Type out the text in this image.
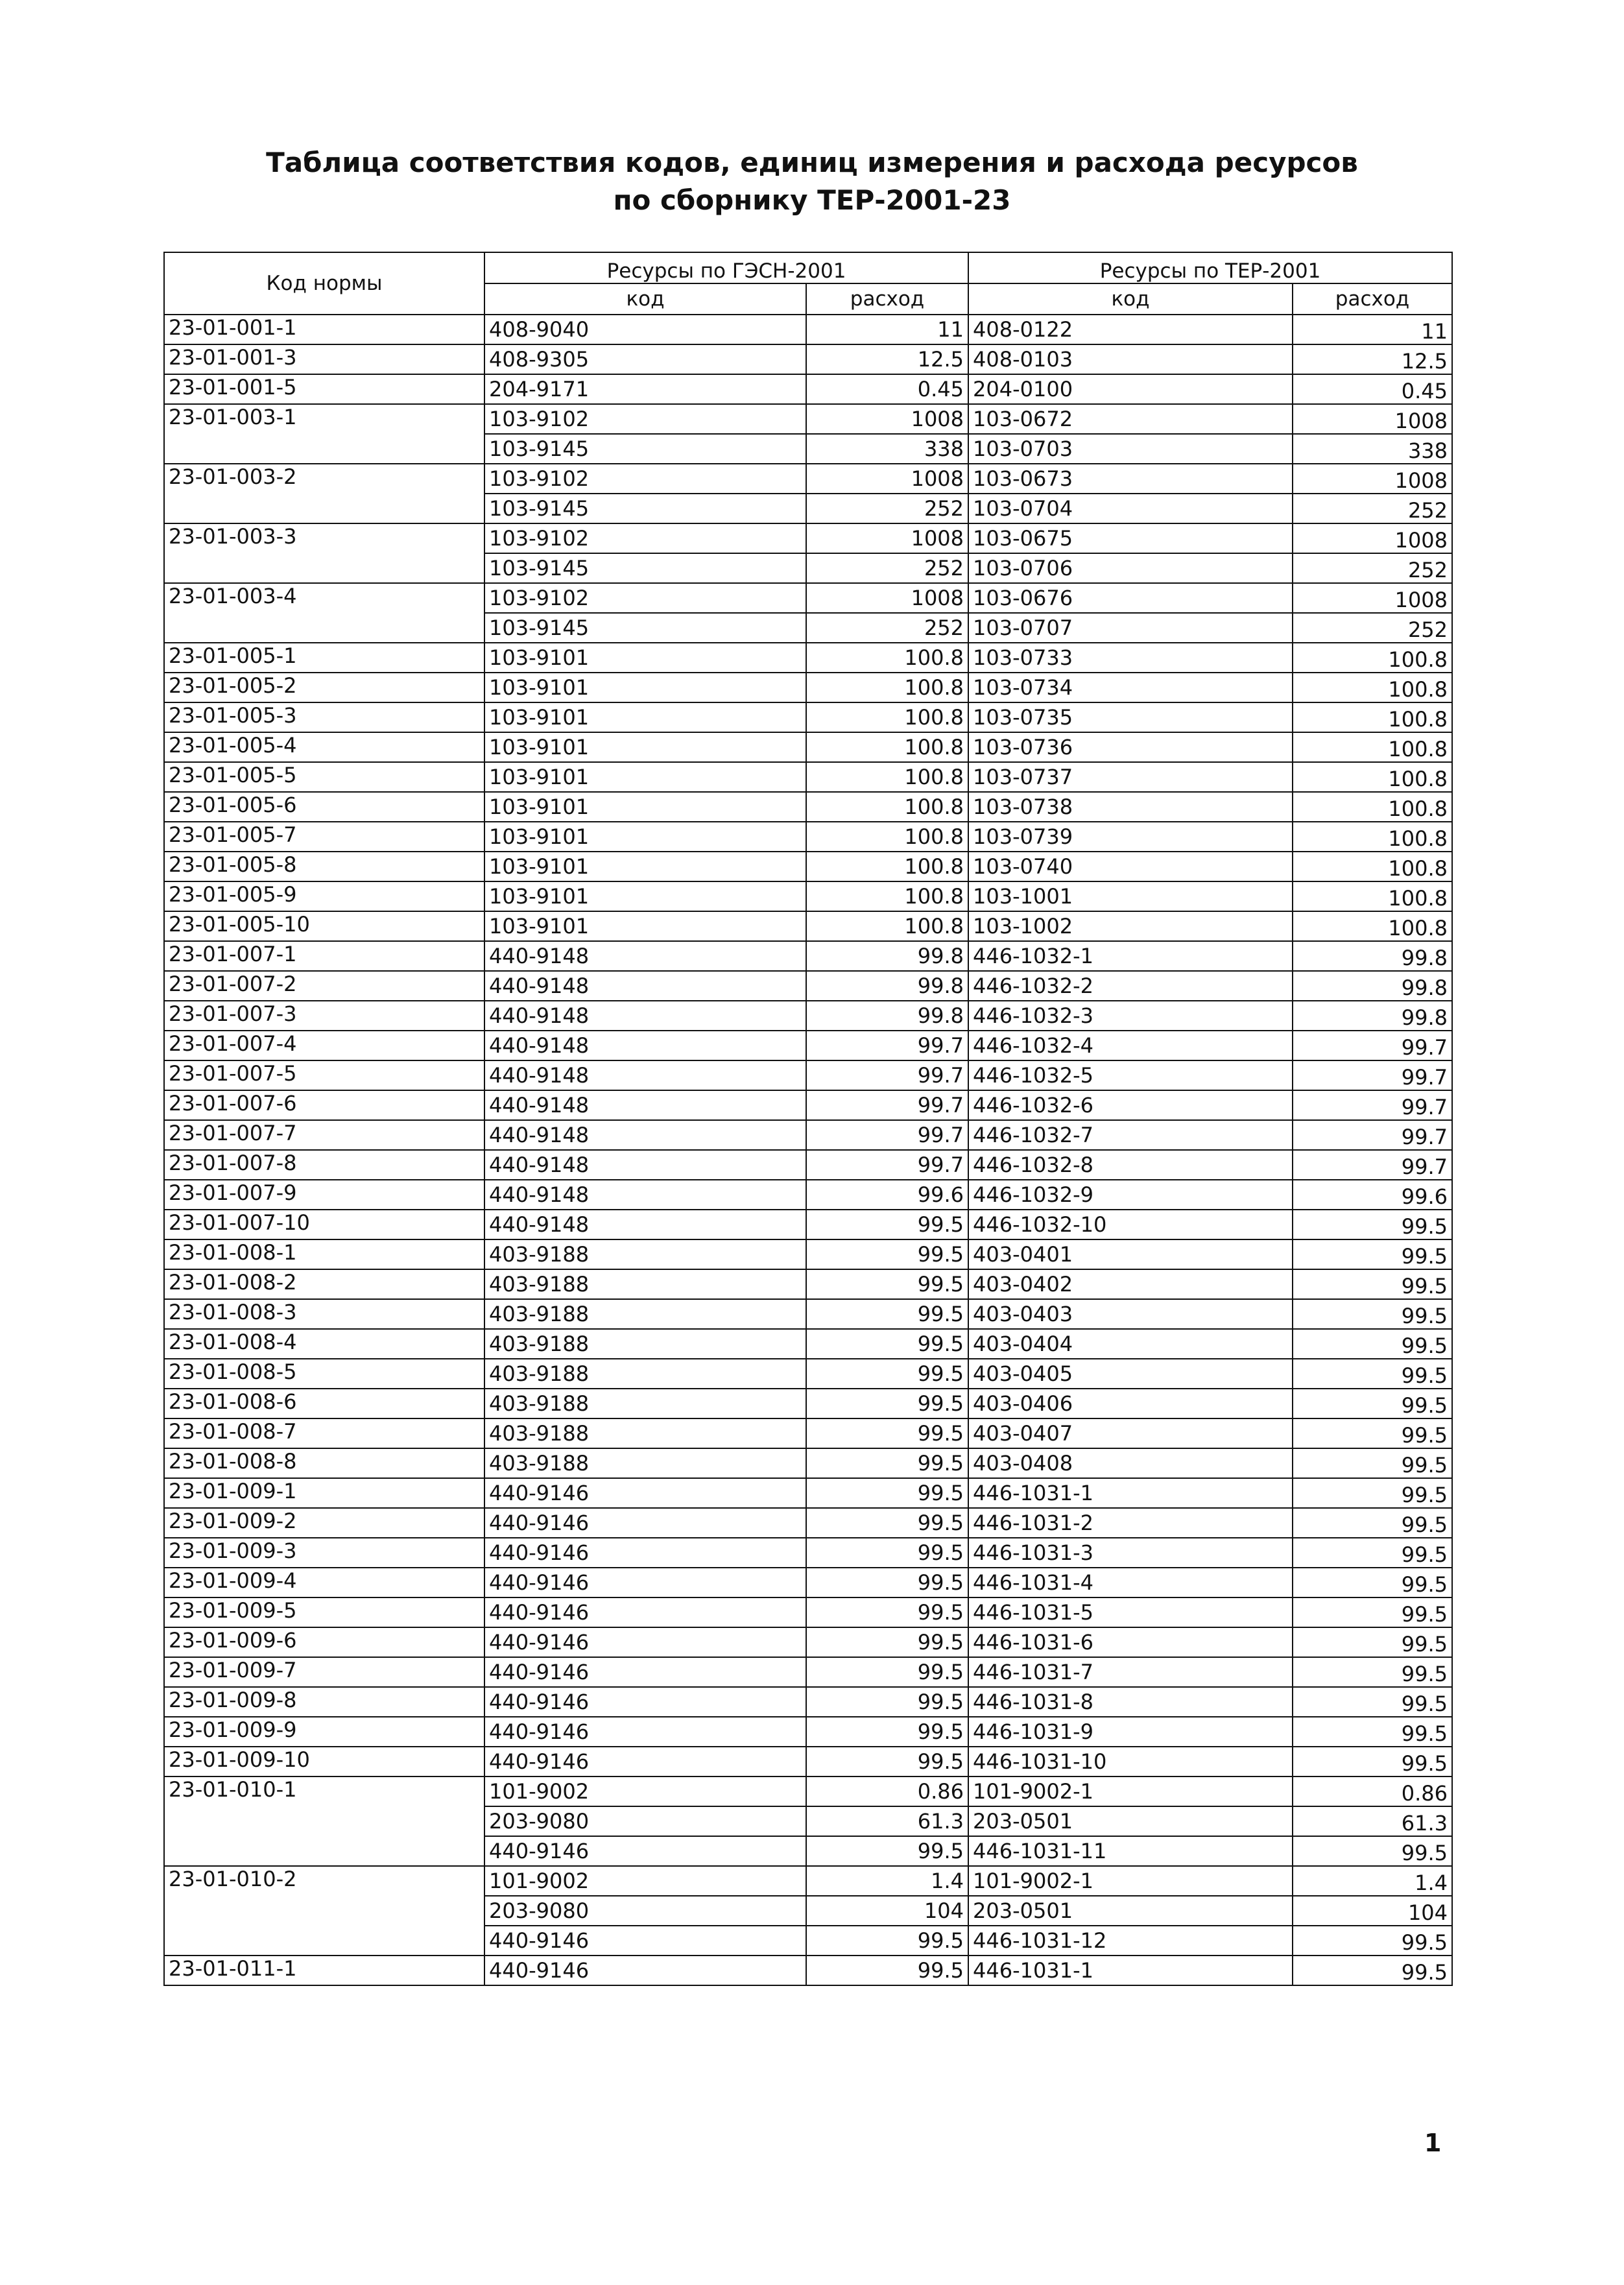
Таблица соответствия кодов, единиц измерения и расхода ресурсов
по сборнику ТЕР-2001-23
Код нормы	Ресурсы по ГЭСН-2001		Ресурсы по ТЕР-2001	
	код	расход	код	расход
23-01-001-1	408-9040	11	408-0122	11
23-01-001-3	408-9305	12.5	408-0103	12.5
23-01-001-5	204-9171	0.45	204-0100	0.45
23-01-003-1	103-9102	1008	103-0672	1008
	103-9145	338	103-0703	338
23-01-003-2	103-9102	1008	103-0673	1008
	103-9145	252	103-0704	252
23-01-003-3	103-9102	1008	103-0675	1008
	103-9145	252	103-0706	252
23-01-003-4	103-9102	1008	103-0676	1008
	103-9145	252	103-0707	252
23-01-005-1	103-9101	100.8	103-0733	100.8
23-01-005-2	103-9101	100.8	103-0734	100.8
23-01-005-3	103-9101	100.8	103-0735	100.8
23-01-005-4	103-9101	100.8	103-0736	100.8
23-01-005-5	103-9101	100.8	103-0737	100.8
23-01-005-6	103-9101	100.8	103-0738	100.8
23-01-005-7	103-9101	100.8	103-0739	100.8
23-01-005-8	103-9101	100.8	103-0740	100.8
23-01-005-9	103-9101	100.8	103-1001	100.8
23-01-005-10	103-9101	100.8	103-1002	100.8
23-01-007-1	440-9148	99.8	446-1032-1	99.8
23-01-007-2	440-9148	99.8	446-1032-2	99.8
23-01-007-3	440-9148	99.8	446-1032-3	99.8
23-01-007-4	440-9148	99.7	446-1032-4	99.7
23-01-007-5	440-9148	99.7	446-1032-5	99.7
23-01-007-6	440-9148	99.7	446-1032-6	99.7
23-01-007-7	440-9148	99.7	446-1032-7	99.7
23-01-007-8	440-9148	99.7	446-1032-8	99.7
23-01-007-9	440-9148	99.6	446-1032-9	99.6
23-01-007-10	440-9148	99.5	446-1032-10	99.5
23-01-008-1	403-9188	99.5	403-0401	99.5
23-01-008-2	403-9188	99.5	403-0402	99.5
23-01-008-3	403-9188	99.5	403-0403	99.5
23-01-008-4	403-9188	99.5	403-0404	99.5
23-01-008-5	403-9188	99.5	403-0405	99.5
23-01-008-6	403-9188	99.5	403-0406	99.5
23-01-008-7	403-9188	99.5	403-0407	99.5
23-01-008-8	403-9188	99.5	403-0408	99.5
23-01-009-1	440-9146	99.5	446-1031-1	99.5
23-01-009-2	440-9146	99.5	446-1031-2	99.5
23-01-009-3	440-9146	99.5	446-1031-3	99.5
23-01-009-4	440-9146	99.5	446-1031-4	99.5
23-01-009-5	440-9146	99.5	446-1031-5	99.5
23-01-009-6	440-9146	99.5	446-1031-6	99.5
23-01-009-7	440-9146	99.5	446-1031-7	99.5
23-01-009-8	440-9146	99.5	446-1031-8	99.5
23-01-009-9	440-9146	99.5	446-1031-9	99.5
23-01-009-10	440-9146	99.5	446-1031-10	99.5
23-01-010-1	101-9002	0.86	101-9002-1	0.86
	203-9080	61.3	203-0501	61.3
	440-9146	99.5	446-1031-11	99.5
23-01-010-2	101-9002	1.4	101-9002-1	1.4
	203-9080	104	203-0501	104
	440-9146	99.5	446-1031-12	99.5
23-01-011-1	440-9146	99.5	446-1031-1	99.5
1
